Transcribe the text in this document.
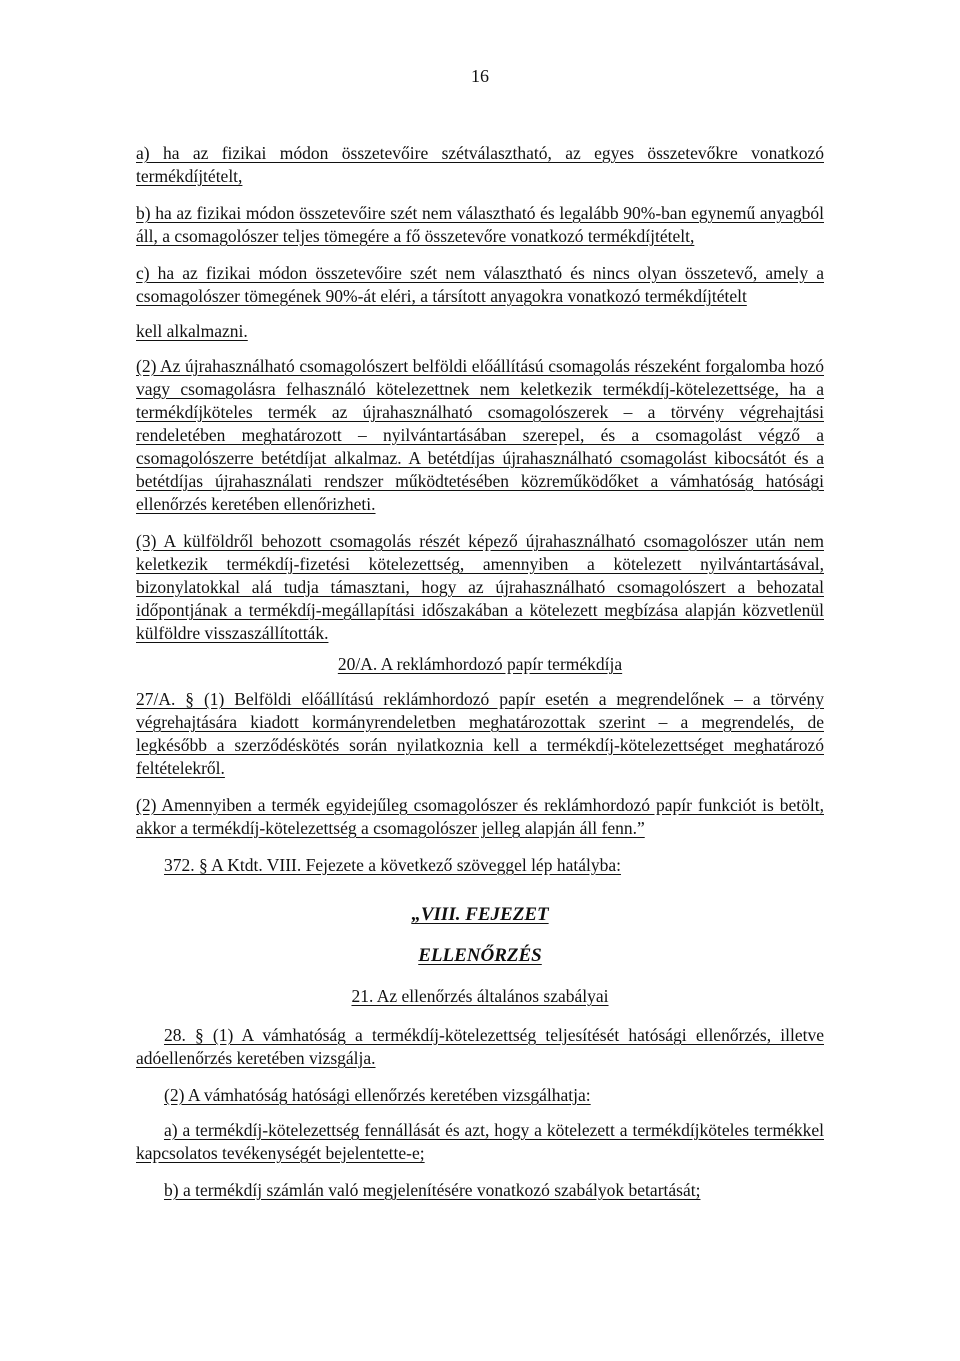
16

a) ha az fizikai módon összetevőire szétválasztható, az egyes összetevőkre vonatkozó termékdíjtételt,

b) ha az fizikai módon összetevőire szét nem választható és legalább 90%-ban egynemű anyagból áll, a csomagolószer teljes tömegére a fő összetevőre vonatkozó termékdíjtételt,

c) ha az fizikai módon összetevőire szét nem választható és nincs olyan összetevő, amely a csomagolószer tömegének 90%-át eléri, a társított anyagokra vonatkozó termékdíjtételt

kell alkalmazni.

(2) Az újrahasználható csomagolószert belföldi előállítású csomagolás részeként forgalomba hozó vagy csomagolásra felhasználó kötelezettnek nem keletkezik termékdíj-kötelezettsége, ha a termékdíjköteles termék az újrahasználható csomagolószerek – a törvény végrehajtási rendeletében meghatározott – nyilvántartásában szerepel, és a csomagolást végző a csomagolószerre betétdíjat alkalmaz. A betétdíjas újrahasználható csomagolást kibocsátót és a betétdíjas újrahasználati rendszer működtetésében közreműködőket a vámhatóság hatósági ellenőrzés keretében ellenőrizheti.

(3) A külföldről behozott csomagolás részét képező újrahasználható csomagolószer után nem keletkezik termékdíj-fizetési kötelezettség, amennyiben a kötelezett nyilvántartásával, bizonylatokkal alá tudja támasztani, hogy az újrahasználható csomagolószert a behozatal időpontjának a termékdíj-megállapítási időszakában a kötelezett megbízása alapján közvetlenül külföldre visszaszállították.

20/A. A reklámhordozó papír termékdíja

27/A. § (1) Belföldi előállítású reklámhordozó papír esetén a megrendelőnek – a törvény végrehajtására kiadott kormányrendeletben meghatározottak szerint – a megrendelés, de legkésőbb a szerződéskötés során nyilatkoznia kell a termékdíj-kötelezettséget meghatározó feltételekről.

(2) Amennyiben a termék egyidejűleg csomagolószer és reklámhordozó papír funkciót is betölt, akkor a termékdíj-kötelezettség a csomagolószer jelleg alapján áll fenn.”

372. § A Ktdt. VIII. Fejezete a következő szöveggel lép hatályba:

„VIII. FEJEZET

ELLENŐRZÉS

21. Az ellenőrzés általános szabályai

28. § (1) A vámhatóság a termékdíj-kötelezettség teljesítését hatósági ellenőrzés, illetve adóellenőrzés keretében vizsgálja.

(2) A vámhatóság hatósági ellenőrzés keretében vizsgálhatja:

a) a termékdíj-kötelezettség fennállását és azt, hogy a kötelezett a termékdíjköteles termékkel kapcsolatos tevékenységét bejelentette-e;

b) a termékdíj számlán való megjelenítésére vonatkozó szabályok betartását;
